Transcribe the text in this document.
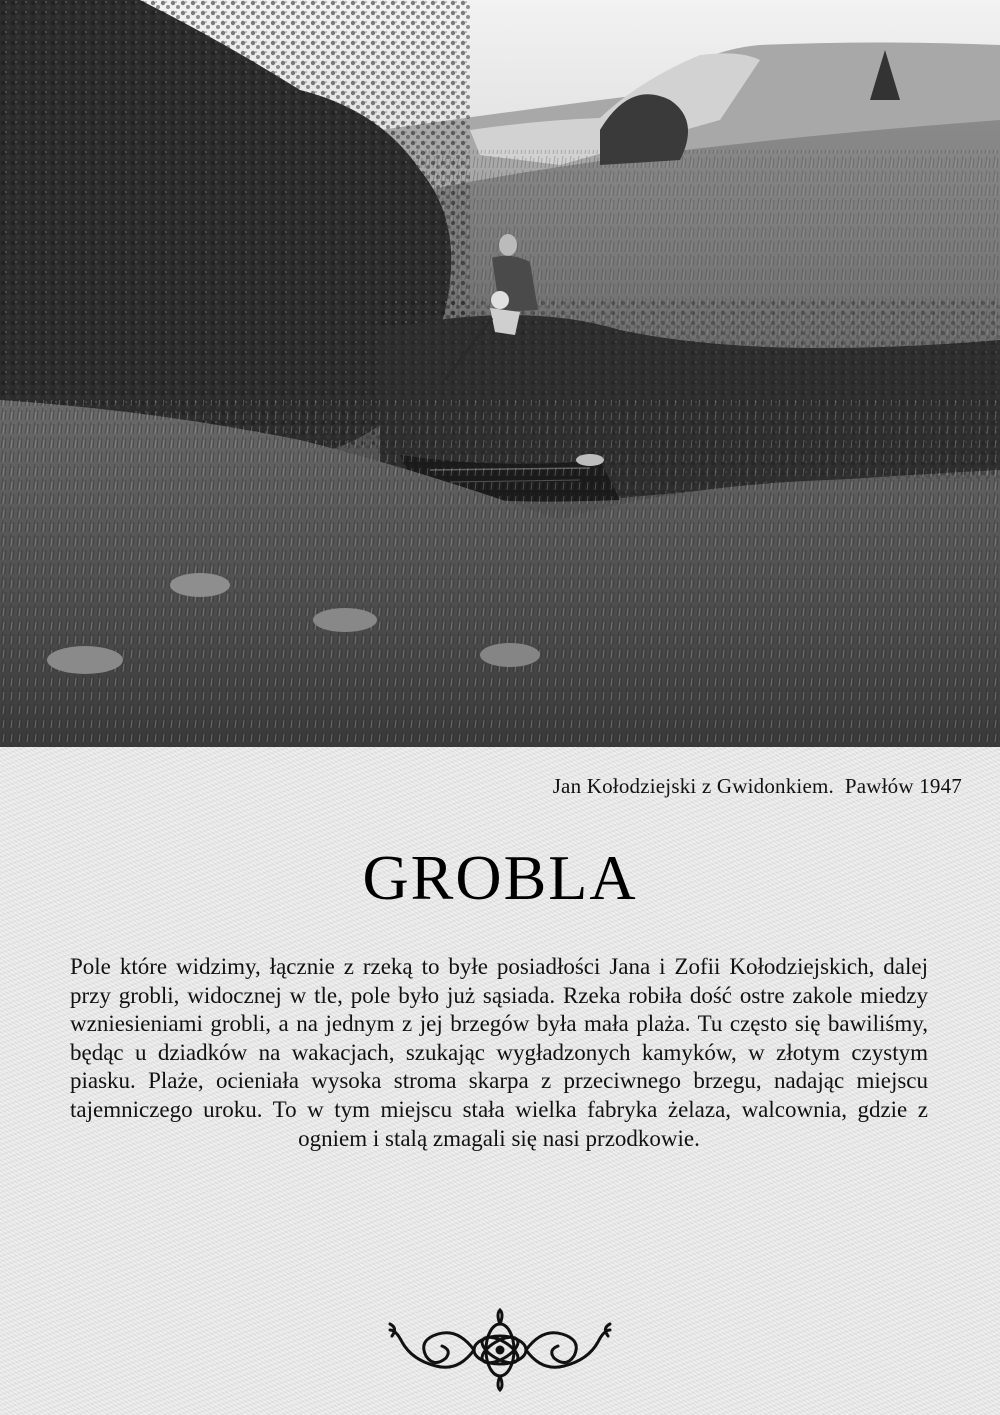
Jan Kołodziejski z Gwidonkiem.  Pawłów 1947
GROBLA
Pole które widzimy, łącznie z rzeką to byłe posiadłości Jana i Zofii Kołodziejskich, dalej przy grobli, widocznej w tle, pole było już sąsiada. Rzeka robiła dość ostre zakole miedzy wzniesieniami grobli, a na jednym z jej brzegów była mała plaża. Tu często się bawiliśmy, będąc u dziadków na wakacjach, szukając wygładzonych kamyków, w złotym czystym piasku. Plaże, ocieniała wysoka stroma skarpa z przeciwnego brzegu, nadając miejscu tajemniczego uroku. To w tym miejscu stała wielka fabryka żelaza, walcownia, gdzie z ogniem i stalą zmagali się nasi przodkowie.
